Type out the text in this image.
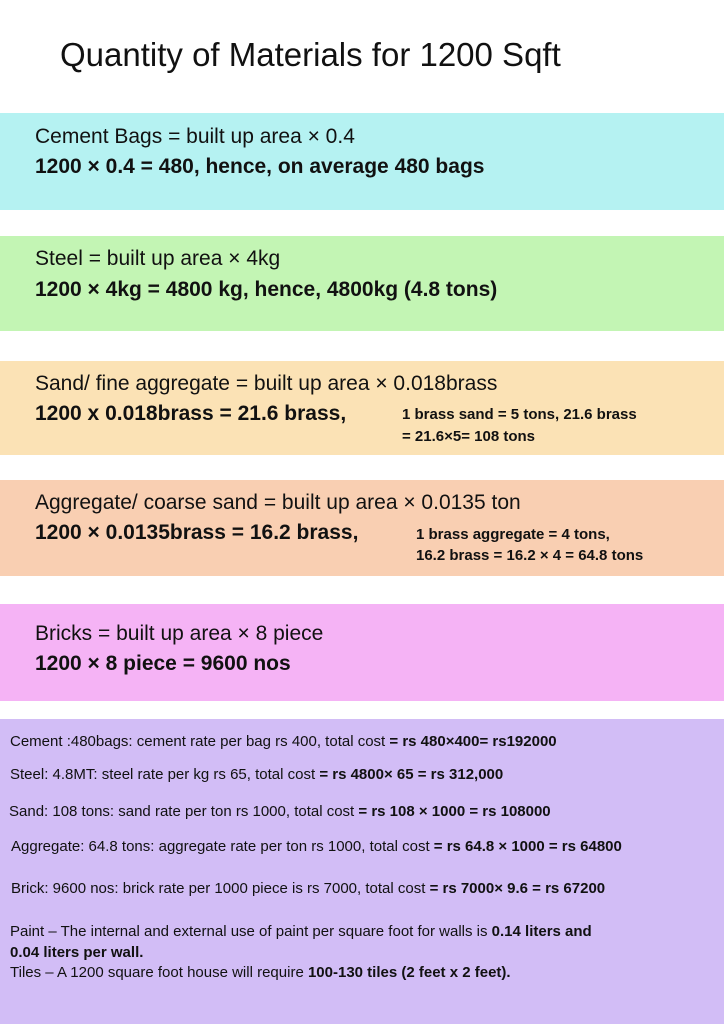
Quantity of Materials for 1200 Sqft
Cement Bags = built up area × 0.4
1200 × 0.4 = 480, hence, on average 480 bags
Steel = built up area × 4kg
1200 × 4kg = 4800 kg, hence, 4800kg (4.8 tons)
Sand/ fine aggregate = built up area × 0.018brass
1200 x 0.018brass = 21.6 brass,	1 brass sand = 5 tons, 21.6 brass
= 21.6×5= 108 tons
Aggregate/ coarse sand = built up area × 0.0135 ton
1200 × 0.0135brass = 16.2 brass,	1 brass aggregate = 4 tons,
16.2 brass = 16.2 × 4 = 64.8 tons
Bricks = built up area × 8 piece
1200 × 8 piece = 9600 nos
Cement :480bags: cement rate per bag rs 400, total cost = rs 480×400= rs192000
Steel: 4.8MT: steel rate per kg rs 65, total cost = rs 4800× 65 = rs 312,000
Sand: 108 tons: sand rate per ton rs 1000, total cost = rs 108 × 1000 = rs 108000
Aggregate: 64.8 tons: aggregate rate per ton rs 1000, total cost = rs 64.8 × 1000 = rs 64800
Brick: 9600 nos: brick rate per 1000 piece is rs 7000, total cost = rs 7000× 9.6 = rs 67200
Paint – The internal and external use of paint per square foot for walls is 0.14 liters and
0.04 liters per wall.
Tiles – A 1200 square foot house will require 100-130 tiles (2 feet x 2 feet).
